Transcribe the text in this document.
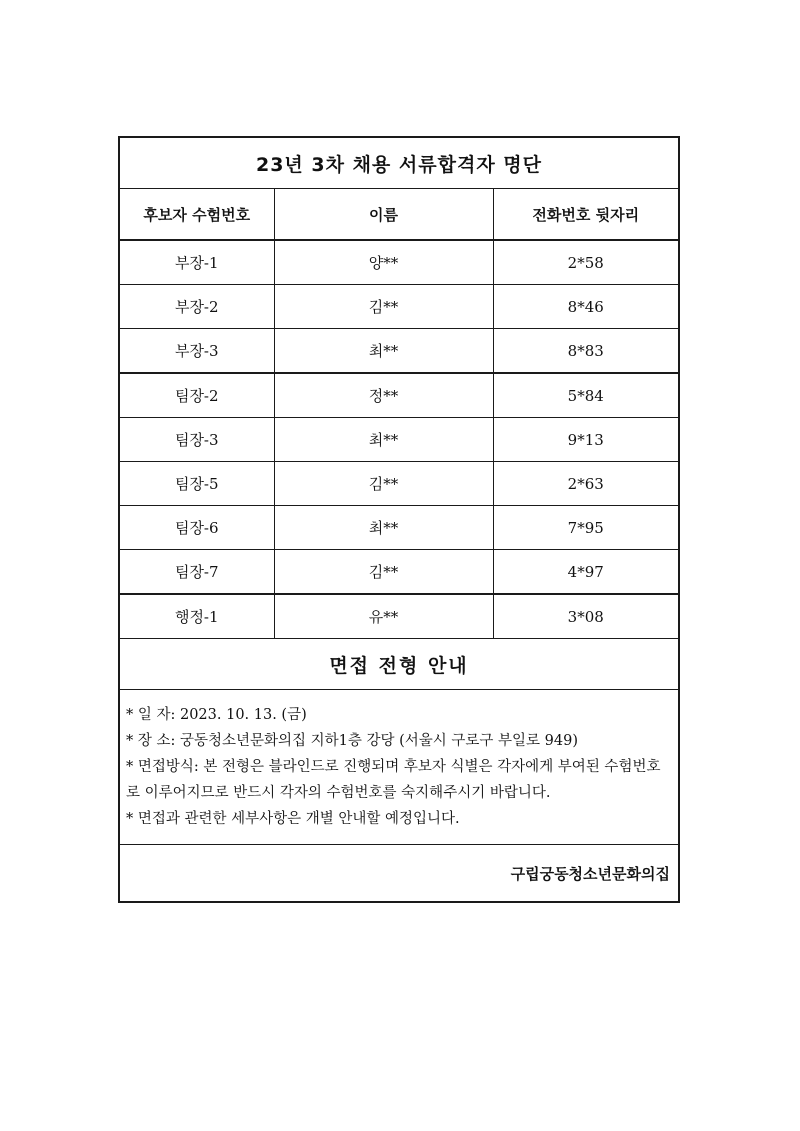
23년 3차 채용 서류합격자 명단
후보자 수험번호	이름	전화번호 뒷자리
부장-1	양**	2*58
부장-2	김**	8*46
부장-3	최**	8*83
팀장-2	정**	5*84
팀장-3	최**	9*13
팀장-5	김**	2*63
팀장-6	최**	7*95
팀장-7	김**	4*97
행정-1	유**	3*08
면접 전형 안내

* 일 자: 2023. 10. 13. (금)

* 장 소: 궁동청소년문화의집 지하1층 강당 (서울시 구로구 부일로 949)

* 면접방식: 본 전형은 블라인드로 진행되며 후보자 식별은 각자에게 부여된 수험번호로 이루어지므로 반드시 각자의 수험번호를 숙지해주시기 바랍니다.

* 면접과 관련한 세부사항은 개별 안내할 예정입니다.

구립궁동청소년문화의집
